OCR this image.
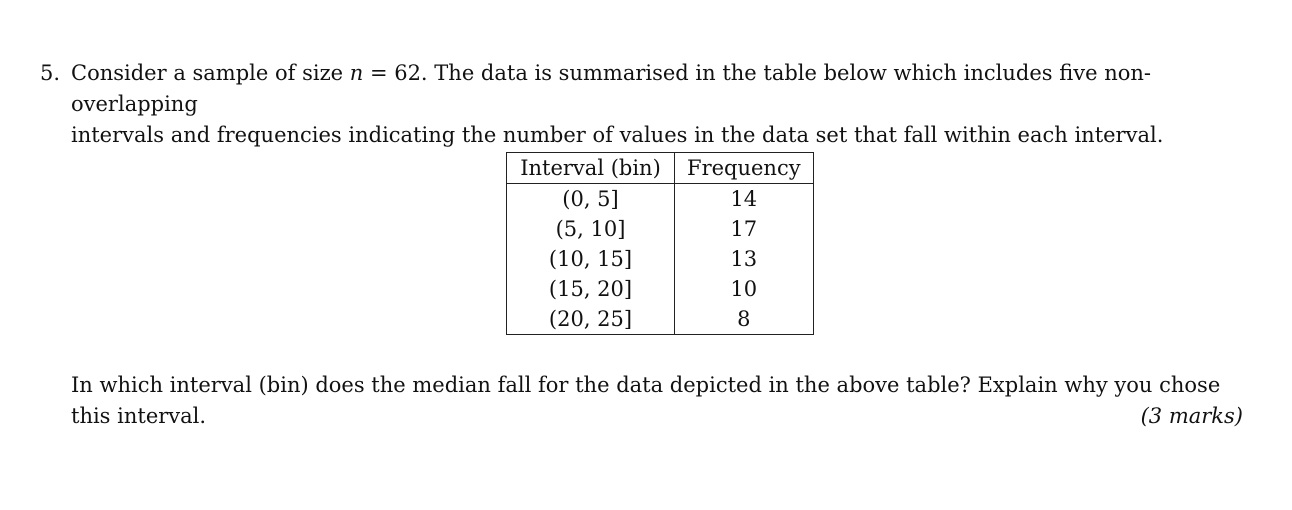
5. Consider a sample of size n = 62. The data is summarised in the table below which includes five non-overlapping
intervals and frequencies indicating the number of values in the data set that fall within each interval.
Interval (bin)	Frequency
(0, 5]	14
(5, 10]	17
(10, 15]	13
(15, 20]	10
(20, 25]	8
In which interval (bin) does the median fall for the data depicted in the above table? Explain why you chose
this interval.	(3 marks)
